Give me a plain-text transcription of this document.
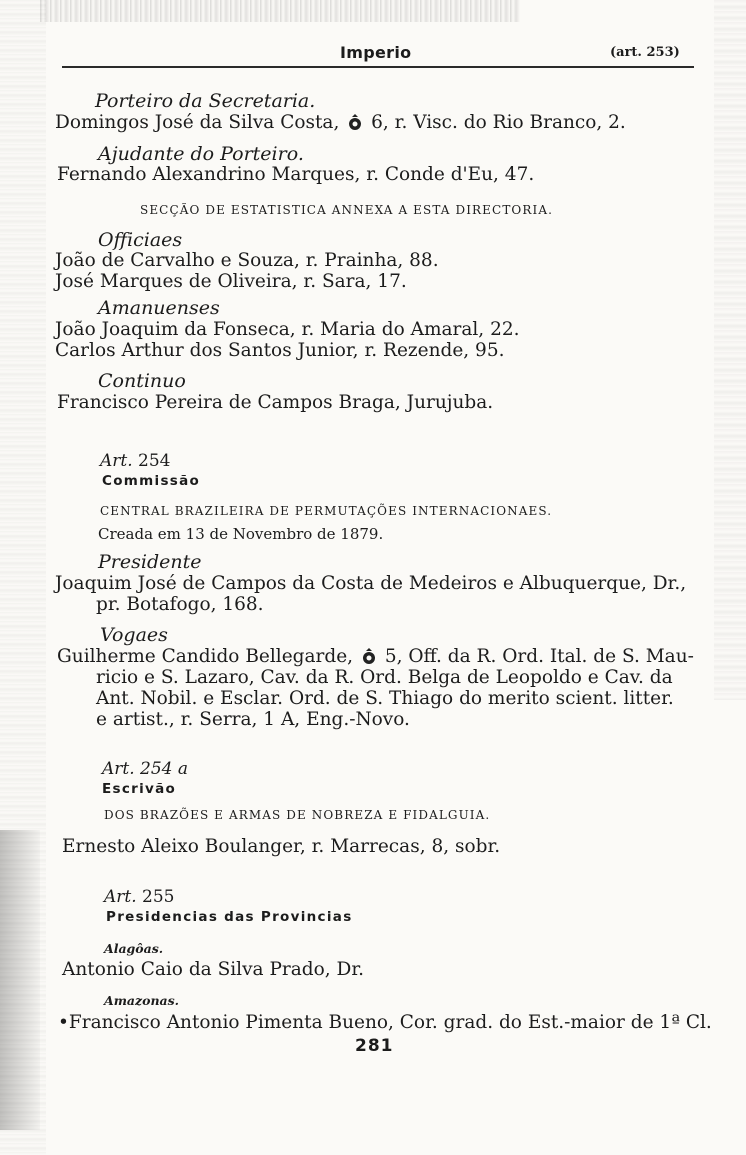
Imperio	(art. 253)
Porteiro da Secretaria.
Domingos José da Silva Costa, 6, r. Visc. do Rio Branco, 2.
Ajudante do Porteiro.
Fernando Alexandrino Marques, r. Conde d'Eu, 47.
SECÇÃO DE ESTATISTICA ANNEXA A ESTA DIRECTORIA.
Officiaes
João de Carvalho e Souza, r. Prainha, 88.
José Marques de Oliveira, r. Sara, 17.
Amanuenses
João Joaquim da Fonseca, r. Maria do Amaral, 22.
Carlos Arthur dos Santos Junior, r. Rezende, 95.
Continuo
Francisco Pereira de Campos Braga, Jurujuba.
Art. 254
Commissão
CENTRAL BRAZILEIRA DE PERMUTAÇÕES INTERNACIONAES.
Creada em 13 de Novembro de 1879.
Presidente
Joaquim José de Campos da Costa de Medeiros e Albuquerque, Dr.,
pr. Botafogo, 168.
Vogaes
Guilherme Candido Bellegarde, 5, Off. da R. Ord. Ital. de S. Mau-
ricio e S. Lazaro, Cav. da R. Ord. Belga de Leopoldo e Cav. da
Ant. Nobil. e Esclar. Ord. de S. Thiago do merito scient. litter.
e artist., r. Serra, 1 A, Eng.-Novo.
Art. 254 a
Escrivão
DOS BRAZÕES E ARMAS DE NOBREZA E FIDALGUIA.
Ernesto Aleixo Boulanger, r. Marrecas, 8, sobr.
Art. 255
Presidencias das Provincias
Alagôas.
Antonio Caio da Silva Prado, Dr.
Amazonas.
•Francisco Antonio Pimenta Bueno, Cor. grad. do Est.-maior de 1ª Cl.
281
